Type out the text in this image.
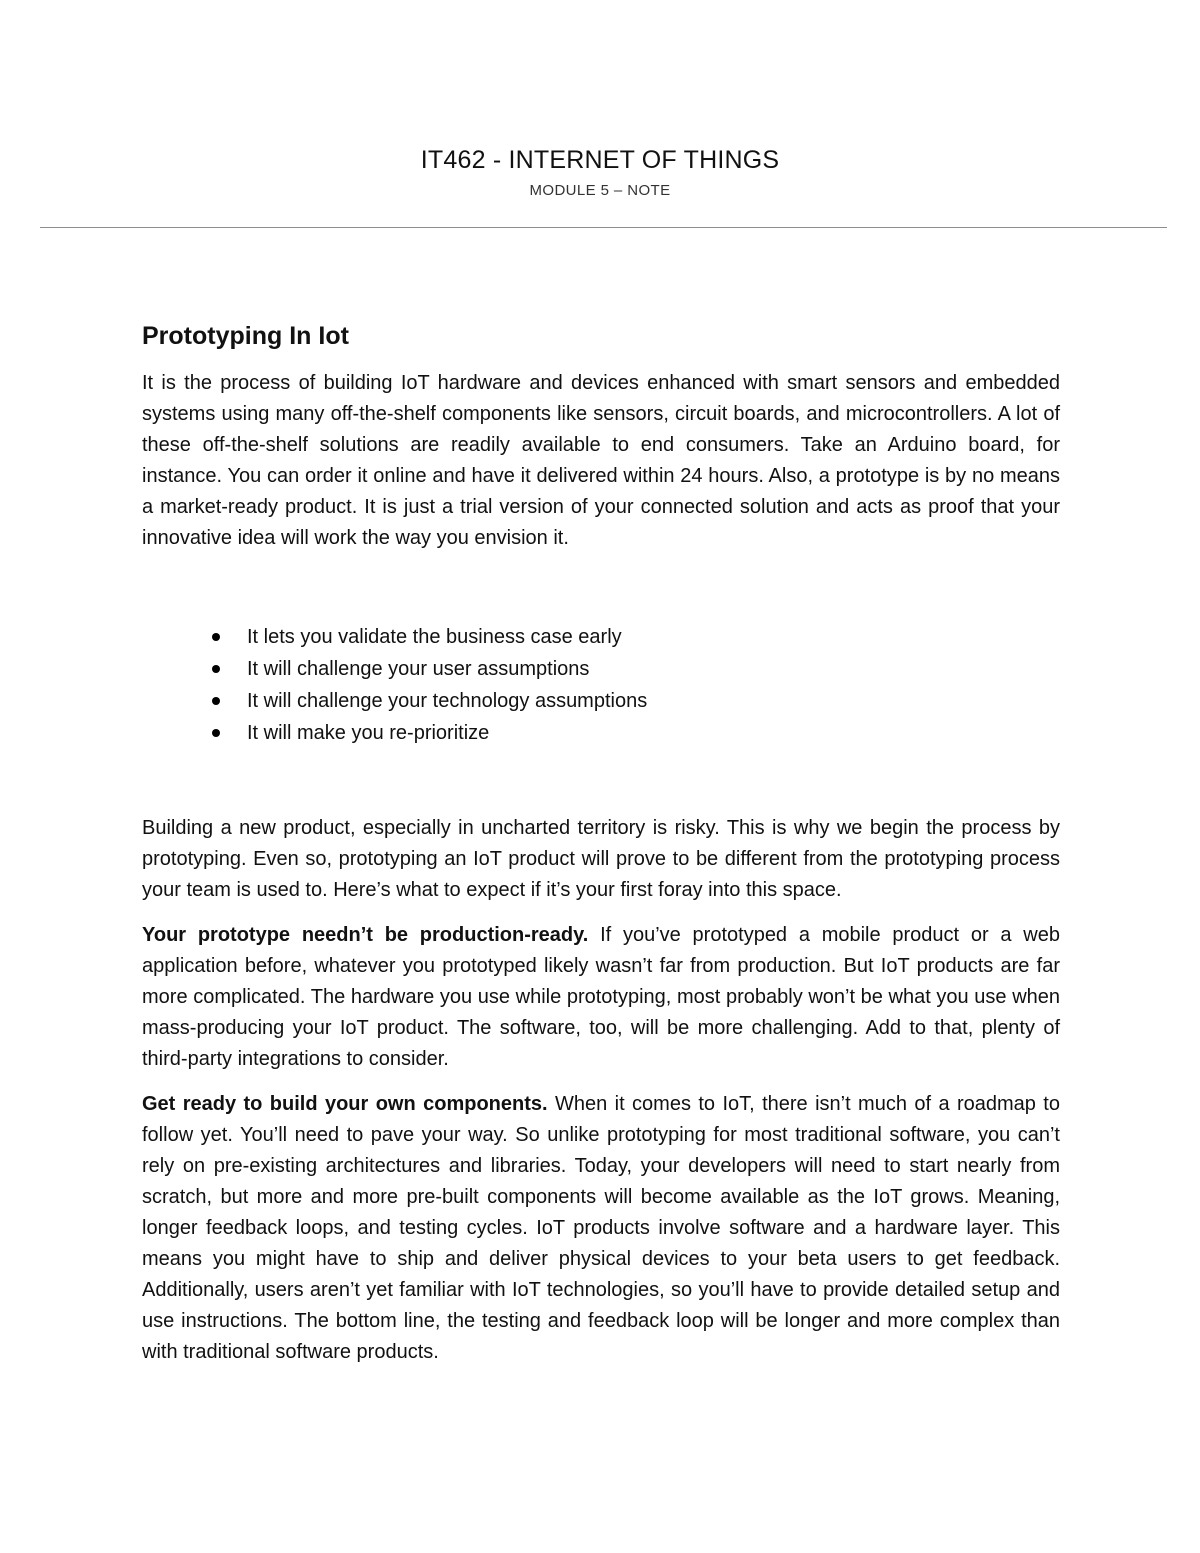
IT462 - INTERNET OF THINGS
MODULE 5 – NOTE
Prototyping In Iot

It is the process of building IoT hardware and devices enhanced with smart sensors and embedded systems using many off-the-shelf components like sensors, circuit boards, and microcontrollers. A lot of these off-the-shelf solutions are readily available to end consumers. Take an Arduino board, for instance. You can order it online and have it delivered within 24 hours. Also, a prototype is by no means a market-ready product. It is just a trial version of your connected solution and acts as proof that your innovative idea will work the way you envision it.

It lets you validate the business case early
It will challenge your user assumptions
It will challenge your technology assumptions
It will make you re-prioritize

Building a new product, especially in uncharted territory is risky. This is why we begin the process by prototyping. Even so, prototyping an IoT product will prove to be different from the prototyping process your team is used to. Here’s what to expect if it’s your first foray into this space.

Your prototype needn’t be production-ready. If you’ve prototyped a mobile product or a web application before, whatever you prototyped likely wasn’t far from production. But IoT products are far more complicated. The hardware you use while prototyping, most probably won’t be what you use when mass-producing your IoT product. The software, too, will be more challenging. Add to that, plenty of third-party integrations to consider.

Get ready to build your own components. When it comes to IoT, there isn’t much of a roadmap to follow yet. You’ll need to pave your way. So unlike prototyping for most traditional software, you can’t rely on pre-existing architectures and libraries. Today, your developers will need to start nearly from scratch, but more and more pre-built components will become available as the IoT grows. Meaning, longer feedback loops, and testing cycles. IoT products involve software and a hardware layer. This means you might have to ship and deliver physical devices to your beta users to get feedback. Additionally, users aren’t yet familiar with IoT technologies, so you’ll have to provide detailed setup and use instructions. The bottom line, the testing and feedback loop will be longer and more complex than with traditional software products.
